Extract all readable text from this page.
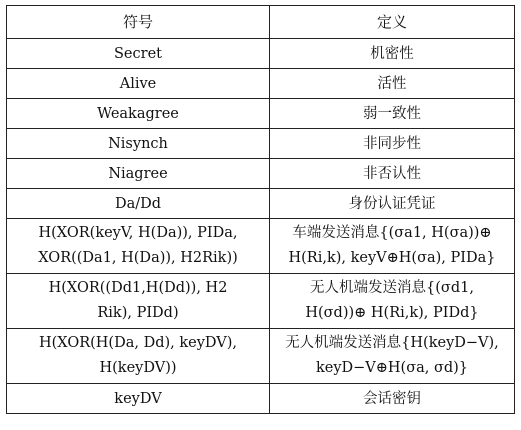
符号	定义
Secret	机密性
Alive	活性
Weakagree	弱一致性
Nisynch	非同步性
Niagree	非否认性
Da/Dd	身份认证凭证

H(XOR(keyV, H(Da)), PIDa,
XOR((Da1, H(Da)), H2Rik))	车端发送消息{(σa1, H(σa))⊕
H(Ri,k), keyV⊕H(σa), PIDa}

H(XOR((Dd1,H(Dd)), H2
Rik), PIDd)	无人机端发送消息{(σd1,
H(σd))⊕ H(Ri,k), PIDd}

H(XOR(H(Da, Dd), keyDV),
H(keyDV))	无人机端发送消息{H(keyD−V),
keyD−V⊕H(σa, σd)}

keyDV	会话密钥
